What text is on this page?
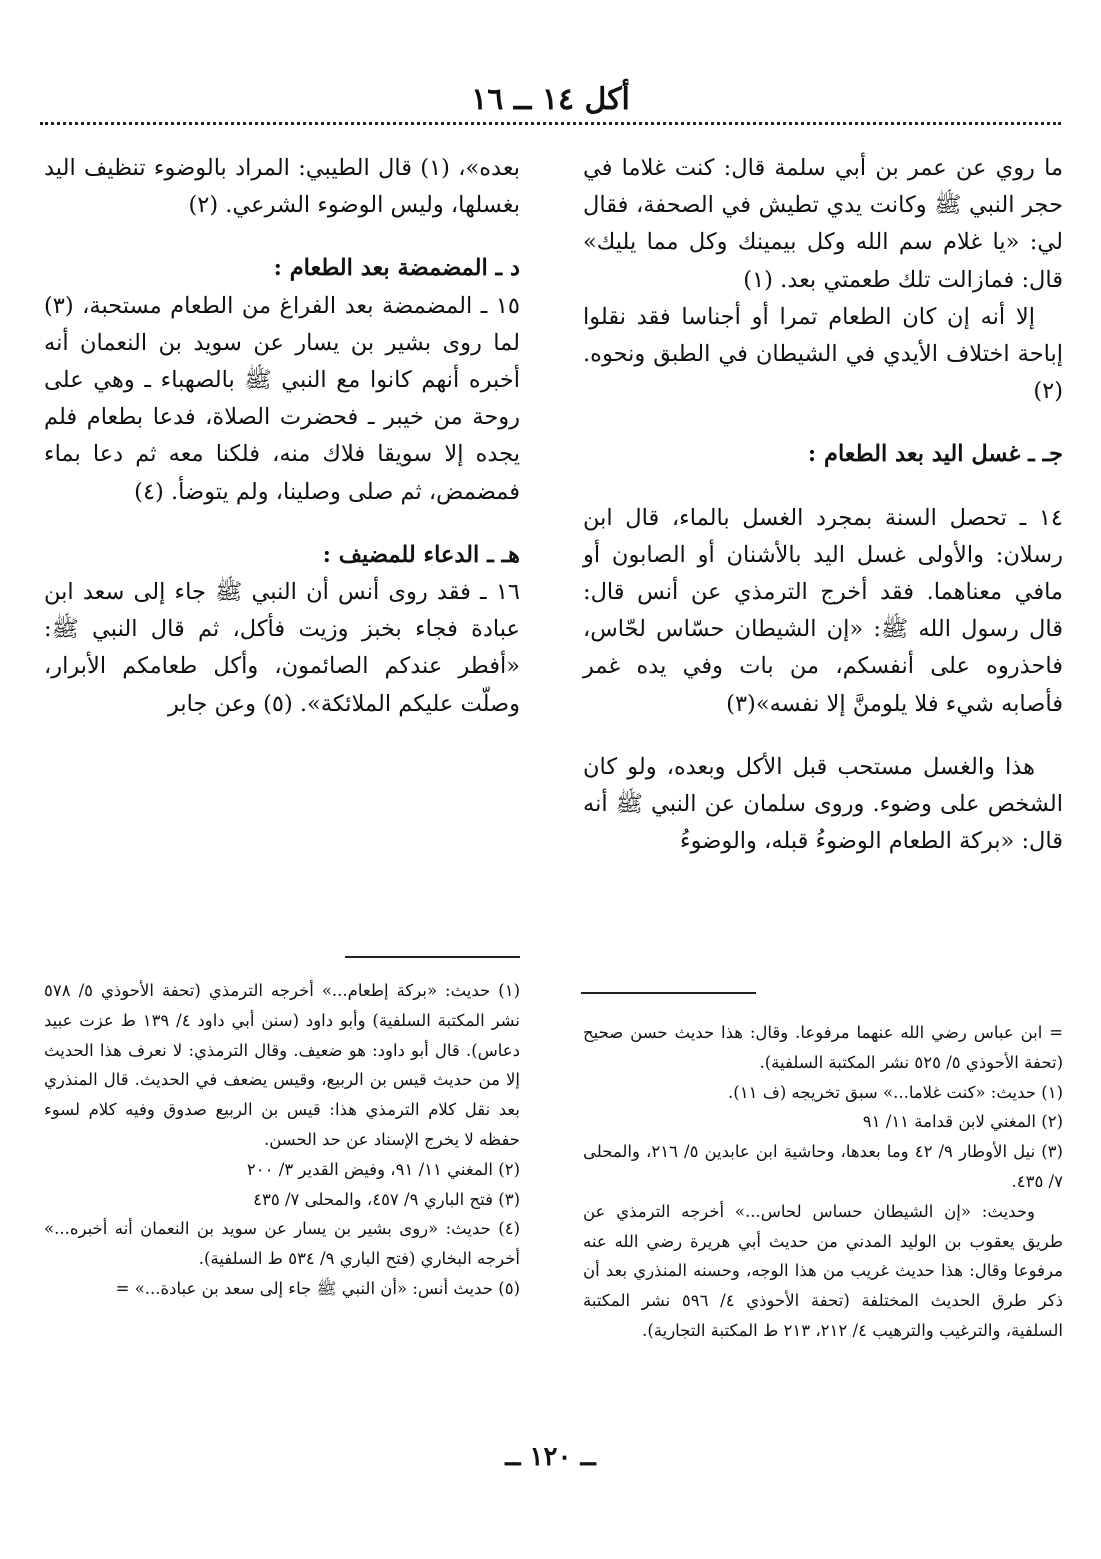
أكل ١٤ ــ ١٦

ما روي عن عمر بن أبي سلمة قال: كنت غلاما في حجر النبي ﷺ وكانت يدي تطيش في الصحفة، فقال لي: «يا غلام سم الله وكل بيمينك وكل مما يليك» قال: فمازالت تلك طعمتي بعد. (١)

إلا أنه إن كان الطعام تمرا أو أجناسا فقد نقلوا إباحة اختلاف الأيدي في الشيطان في الطبق ونحوه. (٢)

جـ ـ غسل اليد بعد الطعام :

١٤ ـ تحصل السنة بمجرد الغسل بالماء، قال ابن رسلان: والأولى غسل اليد بالأشنان أو الصابون أو مافي معناهما. فقد أخرج الترمذي عن أنس قال: قال رسول الله ﷺ: «إن الشيطان حسّاس لحّاس، فاحذروه على أنفسكم، من بات وفي يده غمر فأصابه شيء فلا يلومنَّ إلا نفسه»(٣)

هذا والغسل مستحب قبل الأكل وبعده، ولو كان الشخص على وضوء. وروى سلمان عن النبي ﷺ أنه قال: «بركة الطعام الوضوءُ قبله، والوضوءُ

بعده»، (١) قال الطيبي: المراد بالوضوء تنظيف اليد بغسلها، وليس الوضوء الشرعي. (٢)

د ـ المضمضة بعد الطعام :

١٥ ـ المضمضة بعد الفراغ من الطعام مستحبة، (٣) لما روى بشير بن يسار عن سويد بن النعمان أنه أخبره أنهم كانوا مع النبي ﷺ بالصهباء ـ وهي على روحة من خيبر ـ فحضرت الصلاة، فدعا بطعام فلم يجده إلا سويقا فلاك منه، فلكنا معه ثم دعا بماء فمضمض، ثم صلى وصلينا، ولم يتوضأ. (٤)

هـ ـ الدعاء للمضيف :

١٦ ـ فقد روى أنس أن النبي ﷺ جاء إلى سعد ابن عبادة فجاء بخبز وزيت فأكل، ثم قال النبي ﷺ: «أفطر عندكم الصائمون، وأكل طعامكم الأبرار، وصلّت عليكم الملائكة». (٥) وعن جابر

= ابن عباس رضي الله عنهما مرفوعا. وقال: هذا حديث حسن صحيح (تحفة الأحوذي ٥/ ٥٢٥ نشر المكتبة السلفية).

(١) حديث: «كنت غلاما...» سبق تخريجه (ف ١١).

(٢) المغني لابن قدامة ١١/ ٩١

(٣) نيل الأوطار ٩/ ٤٢ وما بعدها، وحاشية ابن عابدين ٥/ ٢١٦، والمحلى ٧/ ٤٣٥.

وحديث: «إن الشيطان حساس لحاس...» أخرجه الترمذي عن طريق يعقوب بن الوليد المدني من حديث أبي هريرة رضي الله عنه مرفوعا وقال: هذا حديث غريب من هذا الوجه، وحسنه المنذري بعد أن ذكر طرق الحديث المختلفة (تحفة الأحوذي ٤/ ٥٩٦ نشر المكتبة السلفية، والترغيب والترهيب ٤/ ٢١٢، ٢١٣ ط المكتبة التجارية).

(١) حديث: «بركة إطعام...» أخرجه الترمذي (تحفة الأحوذي ٥/ ٥٧٨ نشر المكتبة السلفية) وأبو داود (سنن أبي داود ٤/ ١٣٩ ط عزت عبيد دعاس). قال أبو داود: هو ضعيف. وقال الترمذي: لا نعرف هذا الحديث إلا من حديث قيس بن الربيع، وقيس يضعف في الحديث. قال المنذري بعد نقل كلام الترمذي هذا: قيس بن الربيع صدوق وفيه كلام لسوء حفظه لا يخرج الإسناد عن حد الحسن.

(٢) المغني ١١/ ٩١، وفيض القدير ٣/ ٢٠٠

(٣) فتح الباري ٩/ ٤٥٧، والمحلى ٧/ ٤٣٥

(٤) حديث: «روى بشير بن يسار عن سويد بن النعمان أنه أخبره...» أخرجه البخاري (فتح الباري ٩/ ٥٣٤ ط السلفية).

(٥) حديث أنس: «أن النبي ﷺ جاء إلى سعد بن عبادة...» =

ــ ١٢٠ ــ
